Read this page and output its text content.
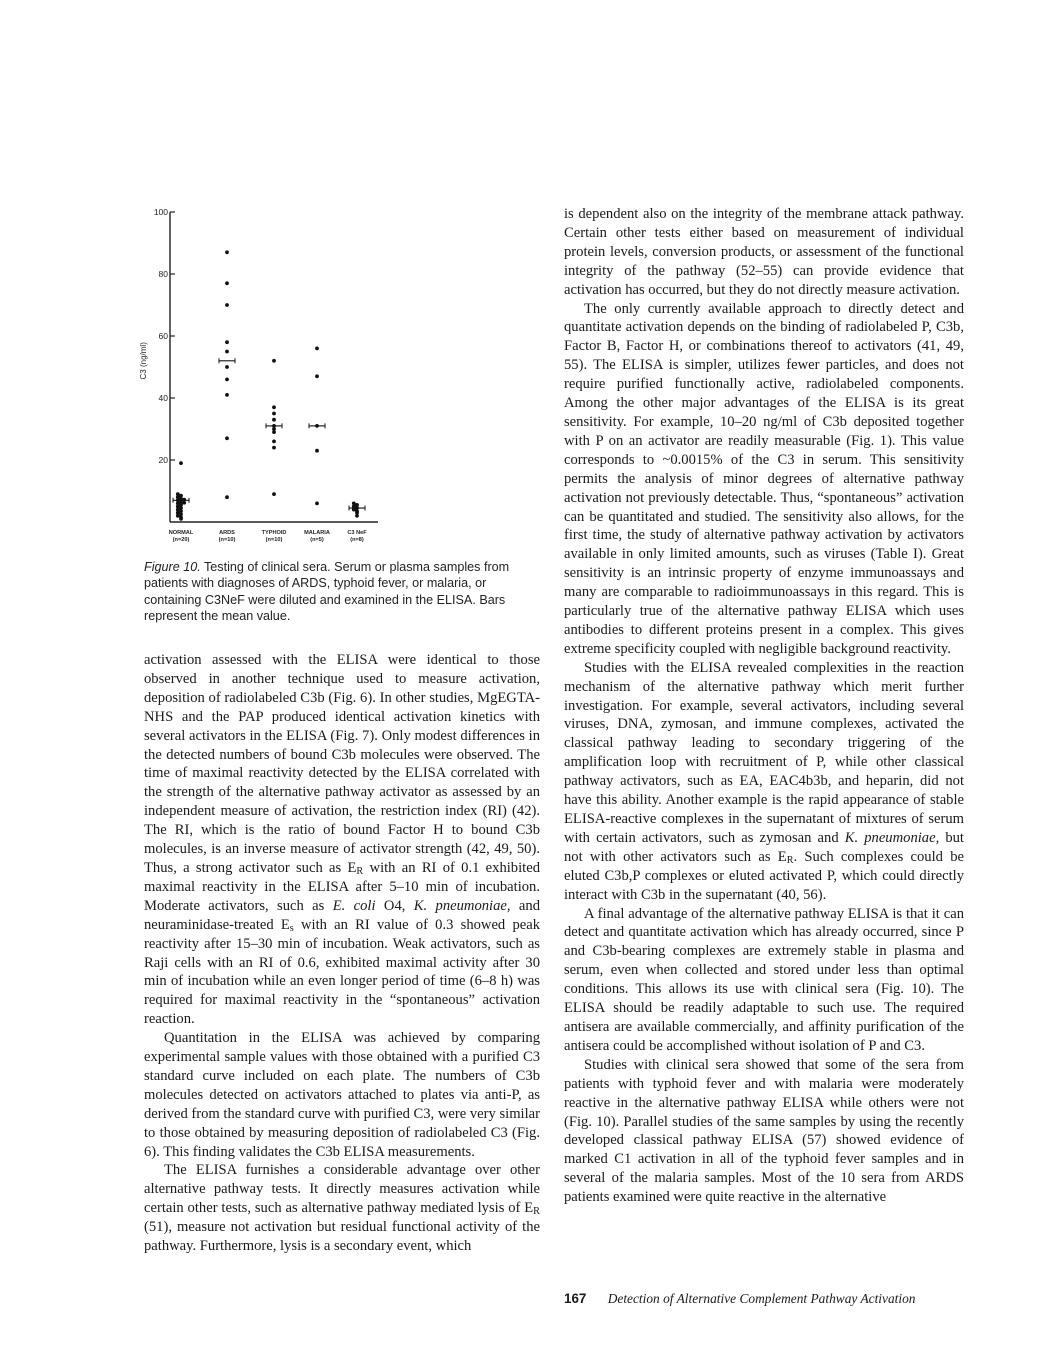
100
80
60
40
20
C3 (ng/ml)
NORMAL
(n=20)
ARDS
(n=10)
TYPHOID
(n=10)
MALARIA
(n=5)
C3 NeF
(n=8)
Figure 10. Testing of clinical sera. Serum or plasma samples from patients with diagnoses of ARDS, typhoid fever, or malaria, or containing C3NeF were diluted and examined in the ELISA. Bars represent the mean value.

activation assessed with the ELISA were identical to those observed in another technique used to measure activation, deposition of radiolabeled C3b (Fig. 6). In other studies, MgEGTA-NHS and the PAP produced identical activation kinetics with several activators in the ELISA (Fig. 7). Only modest differences in the detected numbers of bound C3b molecules were observed. The time of maximal reactivity detected by the ELISA correlated with the strength of the alternative pathway activator as assessed by an independent measure of activation, the restriction index (RI) (42). The RI, which is the ratio of bound Factor H to bound C3b molecules, is an inverse measure of activator strength (42, 49, 50). Thus, a strong activator such as $E_R$ with an RI of 0.1 exhibited maximal reactivity in the ELISA after 5–10 min of incubation. Moderate activators, such as E. coli O4, K. pneumoniae, and neuraminidase-treated $E_s$ with an RI value of 0.3 showed peak reactivity after 15–30 min of incubation. Weak activators, such as Raji cells with an RI of 0.6, exhibited maximal activity after 30 min of incubation while an even longer period of time (6–8 h) was required for maximal reactivity in the “spontaneous” activation reaction.

Quantitation in the ELISA was achieved by comparing experimental sample values with those obtained with a purified C3 standard curve included on each plate. The numbers of C3b molecules detected on activators attached to plates via anti-P, as derived from the standard curve with purified C3, were very similar to those obtained by measuring deposition of radiolabeled C3 (Fig. 6). This finding validates the C3b ELISA measurements.

The ELISA furnishes a considerable advantage over other alternative pathway tests. It directly measures activation while certain other tests, such as alternative pathway mediated lysis of $E_R$ (51), measure not activation but residual functional activity of the pathway. Furthermore, lysis is a secondary event, which

is dependent also on the integrity of the membrane attack pathway. Certain other tests either based on measurement of individual protein levels, conversion products, or assessment of the functional integrity of the pathway (52–55) can provide evidence that activation has occurred, but they do not directly measure activation.

The only currently available approach to directly detect and quantitate activation depends on the binding of radiolabeled P, C3b, Factor B, Factor H, or combinations thereof to activators (41, 49, 55). The ELISA is simpler, utilizes fewer particles, and does not require purified functionally active, radiolabeled components. Among the other major advantages of the ELISA is its great sensitivity. For example, 10–20 ng/ml of C3b deposited together with P on an activator are readily measurable (Fig. 1). This value corresponds to ~0.0015% of the C3 in serum. This sensitivity permits the analysis of minor degrees of alternative pathway activation not previously detectable. Thus, “spontaneous” activation can be quantitated and studied. The sensitivity also allows, for the first time, the study of alternative pathway activation by activators available in only limited amounts, such as viruses (Table I). Great sensitivity is an intrinsic property of enzyme immunoassays and many are comparable to radioimmunoassays in this regard. This is particularly true of the alternative pathway ELISA which uses antibodies to different proteins present in a complex. This gives extreme specificity coupled with negligible background reactivity.

Studies with the ELISA revealed complexities in the reaction mechanism of the alternative pathway which merit further investigation. For example, several activators, including several viruses, DNA, zymosan, and immune complexes, activated the classical pathway leading to secondary triggering of the amplification loop with recruitment of P, while other classical pathway activators, such as EA, EAC4b3b, and heparin, did not have this ability. Another example is the rapid appearance of stable ELISA-reactive complexes in the supernatant of mixtures of serum with certain activators, such as zymosan and K. pneumoniae, but not with other activators such as $E_R$. Such complexes could be eluted C3b,P complexes or eluted activated P, which could directly interact with C3b in the supernatant (40, 56).

A final advantage of the alternative pathway ELISA is that it can detect and quantitate activation which has already occurred, since P and C3b-bearing complexes are extremely stable in plasma and serum, even when collected and stored under less than optimal conditions. This allows its use with clinical sera (Fig. 10). The ELISA should be readily adaptable to such use. The required antisera are available commercially, and affinity purification of the antisera could be accomplished without isolation of P and C3.

Studies with clinical sera showed that some of the sera from patients with typhoid fever and with malaria were moderately reactive in the alternative pathway ELISA while others were not (Fig. 10). Parallel studies of the same samples by using the recently developed classical pathway ELISA (57) showed evidence of marked C1 activation in all of the typhoid fever samples and in several of the malaria samples. Most of the 10 sera from ARDS patients examined were quite reactive in the alternative

167 Detection of Alternative Complement Pathway Activation
